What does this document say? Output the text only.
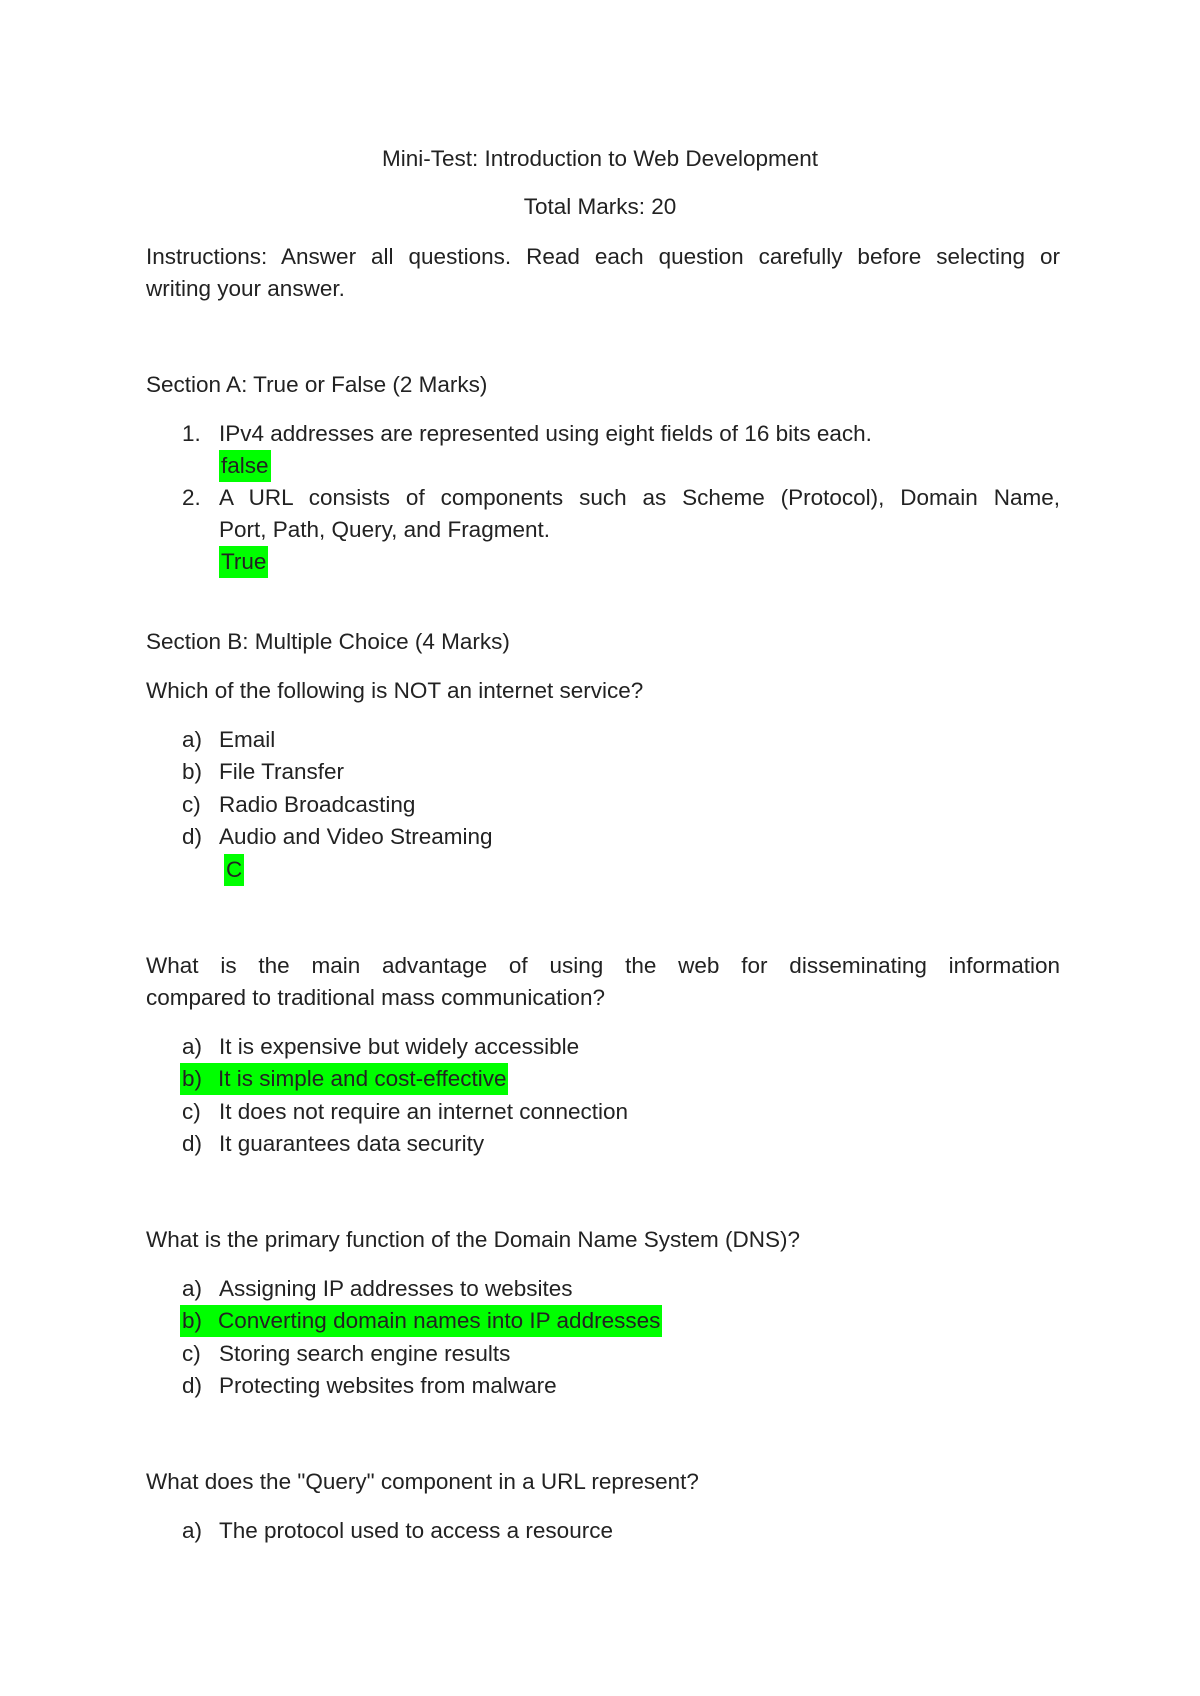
Mini-Test: Introduction to Web Development
Total Marks: 20
Instructions: Answer all questions. Read each question carefully before selecting or
writing your answer.
Section A: True or False (2 Marks)
1. IPv4 addresses are represented using eight fields of 16 bits each.
false
2. A URL consists of components such as Scheme (Protocol), Domain Name,
Port, Path, Query, and Fragment.
True
Section B: Multiple Choice (4 Marks)
Which of the following is NOT an internet service?
a) Email
b) File Transfer
c) Radio Broadcasting
d) Audio and Video Streaming
C
What is the main advantage of using the web for disseminating information
compared to traditional mass communication?
a) It is expensive but widely accessible
b) It is simple and cost-effective
c) It does not require an internet connection
d) It guarantees data security
What is the primary function of the Domain Name System (DNS)?
a) Assigning IP addresses to websites
b) Converting domain names into IP addresses
c) Storing search engine results
d) Protecting websites from malware
What does the "Query" component in a URL represent?
a) The protocol used to access a resource
